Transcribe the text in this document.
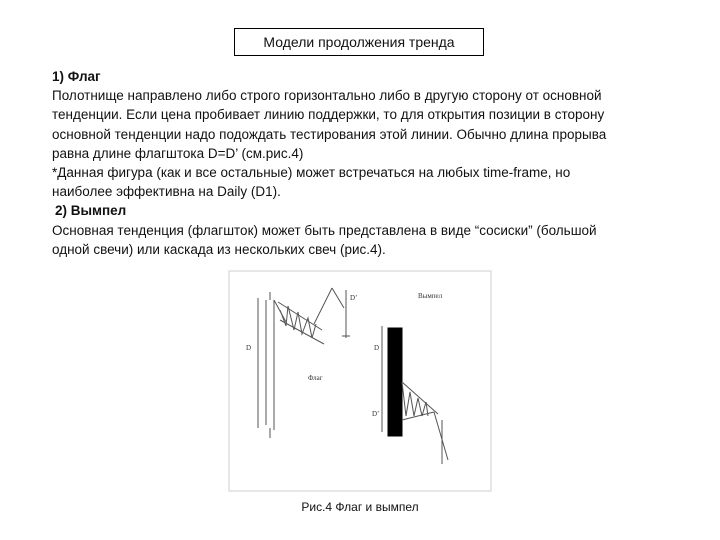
Модели продолжения тренда

1) Флаг

Полотнище направлено либо строго горизонтально либо в другую сторону от основной

тенденции. Если цена пробивает линию поддержки, то для открытия позиции в сторону

основной тенденции надо подождать тестирования этой линии. Обычно длина прорыва

равна длине флагштока D=D’ (см.рис.4)

*Данная фигура (как и все остальные) может встречаться на любых time-frame, но

наиболее эффективна на Daily (D1).

2) Вымпел

Основная тенденция (флагшток) может быть представлена в виде “сосиски” (большой

одной свечи) или каскада из нескольких свеч (рис.4).

D
D’
Флаг
Вымпел
D
D’
Рис.4 Флаг и вымпел
